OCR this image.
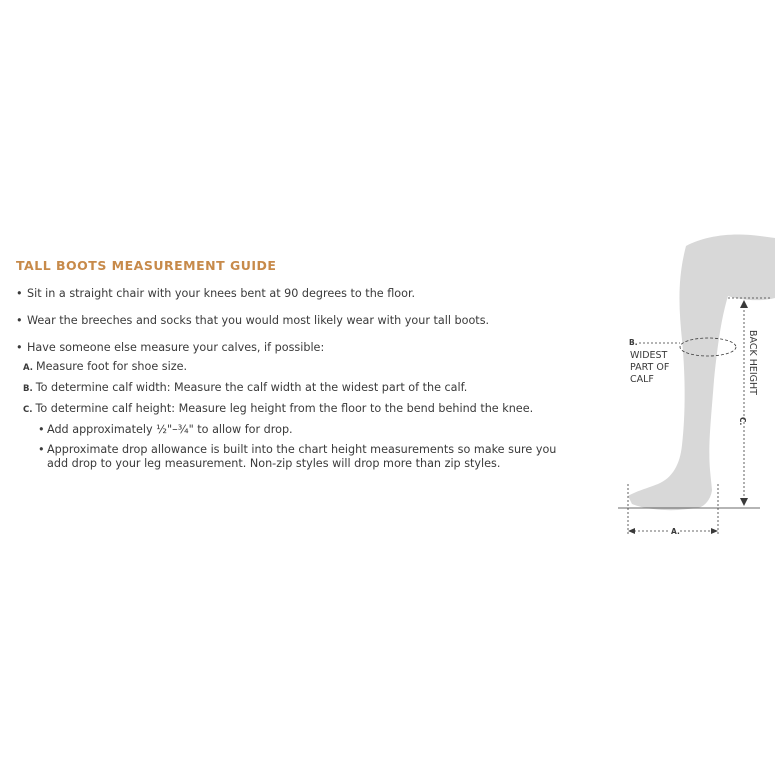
TALL BOOTS MEASUREMENT GUIDE

• Sit in a straight chair with your knees bent at 90 degrees to the floor.

• Wear the breeches and socks that you would most likely wear with your tall boots.

• Have someone else measure your calves, if possible:

A. Measure foot for shoe size.

B. To determine calf width: Measure the calf width at the widest part of the calf.

C. To determine calf height: Measure leg height from the floor to the bend behind the knee.

• Add approximately ½"–¾" to allow for drop.

• Approximate drop allowance is built into the chart height measurements so make sure you add drop to your leg measurement. Non-zip styles will drop more than zip styles.

B.
WIDEST
PART OF
CALF	BACK HEIGHT
C.
A.
